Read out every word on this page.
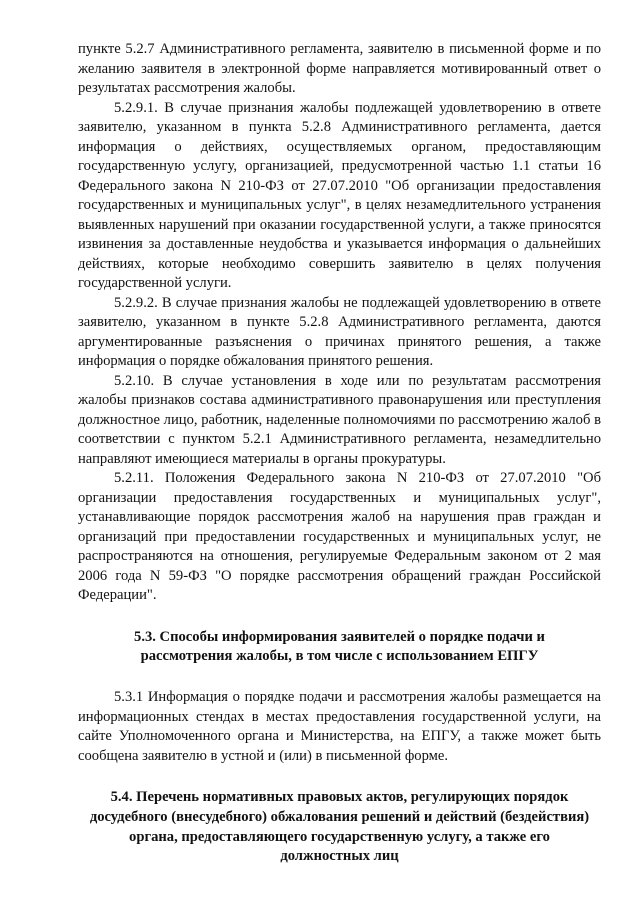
пункте 5.2.7 Административного регламента, заявителю в письменной форме и по желанию заявителя в электронной форме направляется мотивированный ответ о результатах рассмотрения жалобы.

5.2.9.1. В случае признания жалобы подлежащей удовлетворению в ответе заявителю, указанном в пункта 5.2.8 Административного регламента, дается информация о действиях, осуществляемых органом, предоставляющим государственную услугу, организацией, предусмотренной частью 1.1 статьи 16 Федерального закона N 210-ФЗ от 27.07.2010 "Об организации предоставления государственных и муниципальных услуг", в целях незамедлительного устранения выявленных нарушений при оказании государственной услуги, а также приносятся извинения за доставленные неудобства и указывается информация о дальнейших действиях, которые необходимо совершить заявителю в целях получения государственной услуги.

5.2.9.2. В случае признания жалобы не подлежащей удовлетворению в ответе заявителю, указанном в пункте 5.2.8 Административного регламента, даются аргументированные разъяснения о причинах принятого решения, а также информация о порядке обжалования принятого решения.

5.2.10. В случае установления в ходе или по результатам рассмотрения жалобы признаков состава административного правонарушения или преступления должностное лицо, работник, наделенные полномочиями по рассмотрению жалоб в соответствии с пунктом 5.2.1 Административного регламента, незамедлительно направляют имеющиеся материалы в органы прокуратуры.

5.2.11. Положения Федерального закона N 210-ФЗ от 27.07.2010 "Об организации предоставления государственных и муниципальных услуг", устанавливающие порядок рассмотрения жалоб на нарушения прав граждан и организаций при предоставлении государственных и муниципальных услуг, не распространяются на отношения, регулируемые Федеральным законом от 2 мая 2006 года N 59-ФЗ "О порядке рассмотрения обращений граждан Российской Федерации".

5.3. Способы информирования заявителей о порядке подачи и
рассмотрения жалобы, в том числе с использованием ЕПГУ

5.3.1 Информация о порядке подачи и рассмотрения жалобы размещается на информационных стендах в местах предоставления государственной услуги, на сайте Уполномоченного органа и Министерства, на ЕПГУ, а также может быть сообщена заявителю в устной и (или) в письменной форме.

5.4. Перечень нормативных правовых актов, регулирующих порядок
досудебного (внесудебного) обжалования решений и действий (бездействия)
органа, предоставляющего государственную услугу, а также его
должностных лиц
